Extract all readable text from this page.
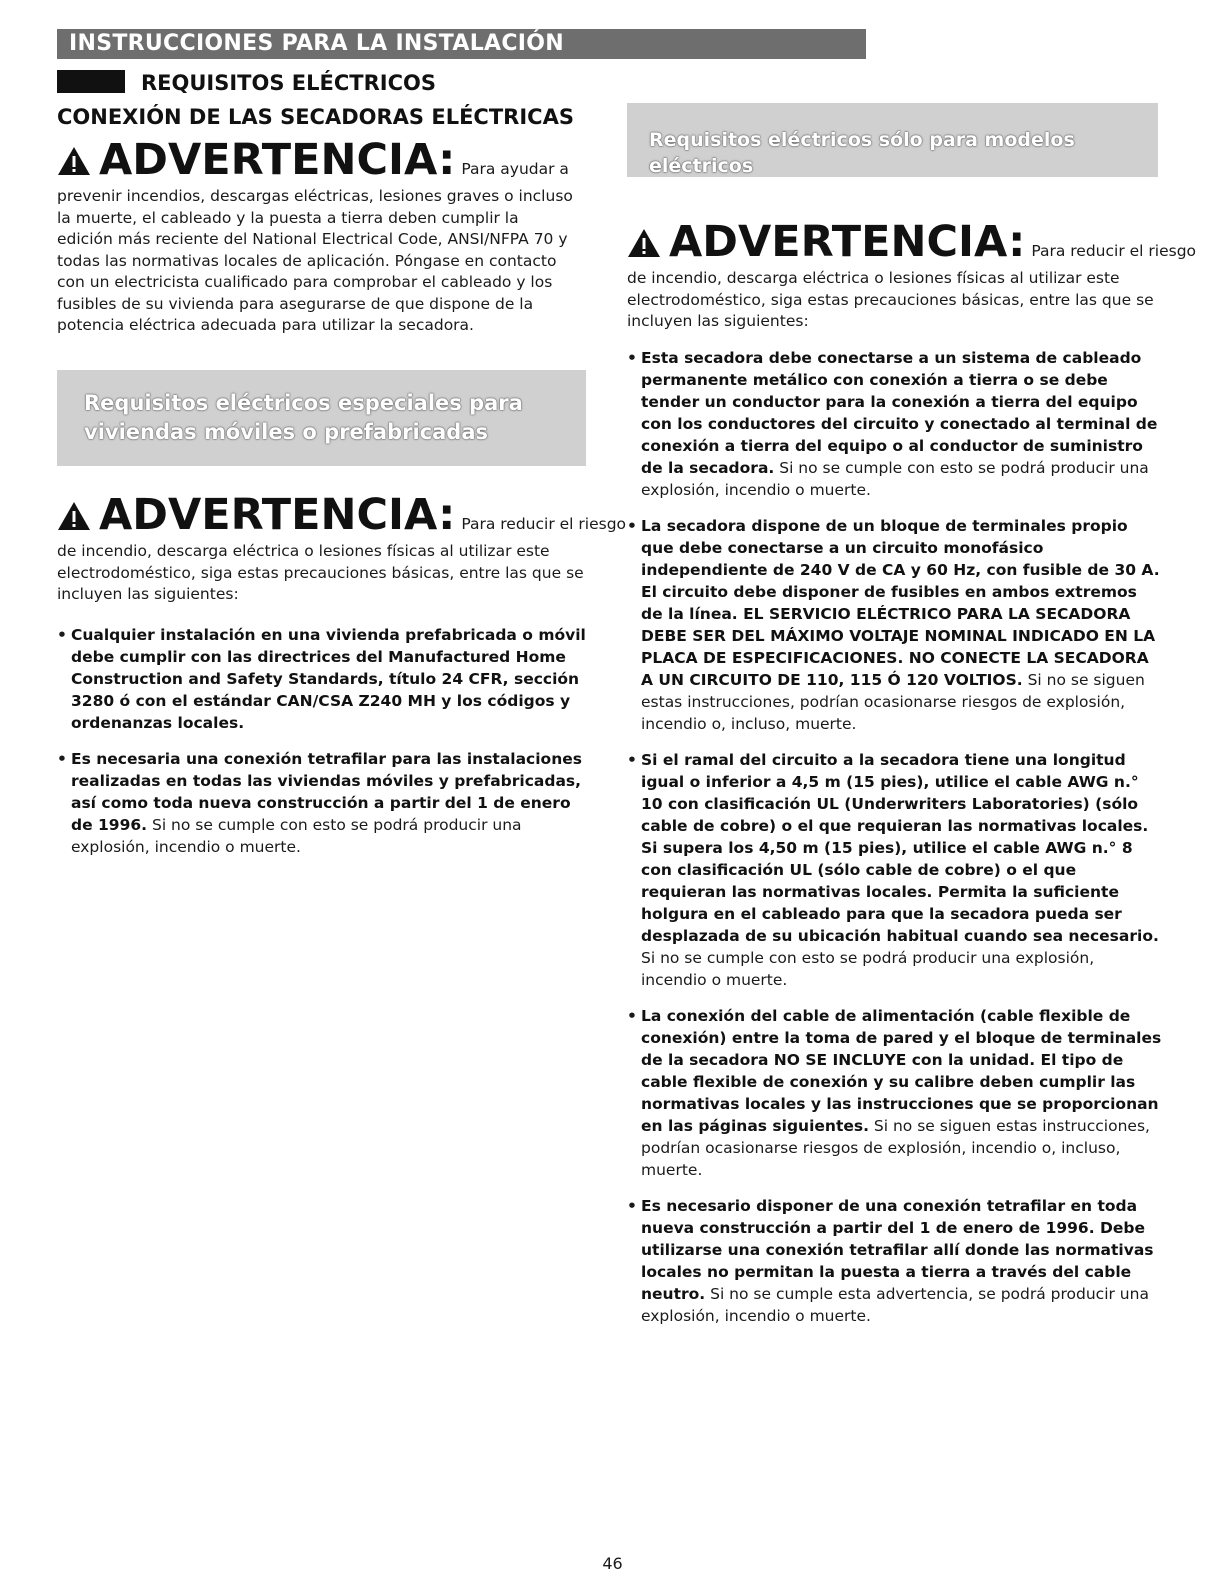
INSTRUCCIONES PARA LA INSTALACIÓN
REQUISITOS ELÉCTRICOS
CONEXIÓN DE LAS SECADORAS ELÉCTRICAS
ADVERTENCIA: Para ayudar a
prevenir incendios, descargas eléctricas, lesiones graves o incluso la muerte, el cableado y la puesta a tierra deben cumplir la edición más reciente del National Electrical Code, ANSI/NFPA 70 y todas las normativas locales de aplicación. Póngase en contacto con un electricista cualificado para comprobar el cableado y los fusibles de su vivienda para asegurarse de que dispone de la potencia eléctrica adecuada para utilizar la secadora.
Requisitos eléctricos especiales para
viviendas móviles o prefabricadas
ADVERTENCIA: Para reducir el riesgo
de incendio, descarga eléctrica o lesiones físicas al utilizar este electrodoméstico, siga estas precauciones básicas, entre las que se incluyen las siguientes:
• Cualquier instalación en una vivienda prefabricada o móvil debe cumplir con las directrices del Manufactured Home Construction and Safety Standards, título 24 CFR, sección 3280 ó con el estándar CAN/CSA Z240 MH y los códigos y ordenanzas locales.
• Es necesaria una conexión tetrafilar para las instalaciones realizadas en todas las viviendas móviles y prefabricadas, así como toda nueva construcción a partir del 1 de enero de 1996. Si no se cumple con esto se podrá producir una explosión, incendio o muerte.
Requisitos eléctricos sólo para modelos eléctricos
ADVERTENCIA: Para reducir el riesgo
de incendio, descarga eléctrica o lesiones físicas al utilizar este electrodoméstico, siga estas precauciones básicas, entre las que se incluyen las siguientes:
• Esta secadora debe conectarse a un sistema de cableado permanente metálico con conexión a tierra o se debe tender un conductor para la conexión a tierra del equipo con los conductores del circuito y conectado al terminal de conexión a tierra del equipo o al conductor de suministro de la secadora. Si no se cumple con esto se podrá producir una explosión, incendio o muerte.
• La secadora dispone de un bloque de terminales propio que debe conectarse a un circuito monofásico independiente de 240 V de CA y 60 Hz, con fusible de 30 A. El circuito debe disponer de fusibles en ambos extremos de la línea. EL SERVICIO ELÉCTRICO PARA LA SECADORA DEBE SER DEL MÁXIMO VOLTAJE NOMINAL INDICADO EN LA PLACA DE ESPECIFICACIONES. NO CONECTE LA SECADORA A UN CIRCUITO DE 110, 115 Ó 120 VOLTIOS. Si no se siguen estas instrucciones, podrían ocasionarse riesgos de explosión, incendio o, incluso, muerte.
• Si el ramal del circuito a la secadora tiene una longitud igual o inferior a 4,5 m (15 pies), utilice el cable AWG n.° 10 con clasificación UL (Underwriters Laboratories) (sólo cable de cobre) o el que requieran las normativas locales. Si supera los 4,50 m (15 pies), utilice el cable AWG n.° 8 con clasificación UL (sólo cable de cobre) o el que requieran las normativas locales. Permita la suficiente holgura en el cableado para que la secadora pueda ser desplazada de su ubicación habitual cuando sea necesario. Si no se cumple con esto se podrá producir una explosión, incendio o muerte.
• La conexión del cable de alimentación (cable flexible de conexión) entre la toma de pared y el bloque de terminales de la secadora NO SE INCLUYE con la unidad. El tipo de cable flexible de conexión y su calibre deben cumplir las normativas locales y las instrucciones que se proporcionan en las páginas siguientes. Si no se siguen estas instrucciones, podrían ocasionarse riesgos de explosión, incendio o, incluso, muerte.
• Es necesario disponer de una conexión tetrafilar en toda nueva construcción a partir del 1 de enero de 1996. Debe utilizarse una conexión tetrafilar allí donde las normativas locales no permitan la puesta a tierra a través del cable neutro. Si no se cumple esta advertencia, se podrá producir una explosión, incendio o muerte.
46
